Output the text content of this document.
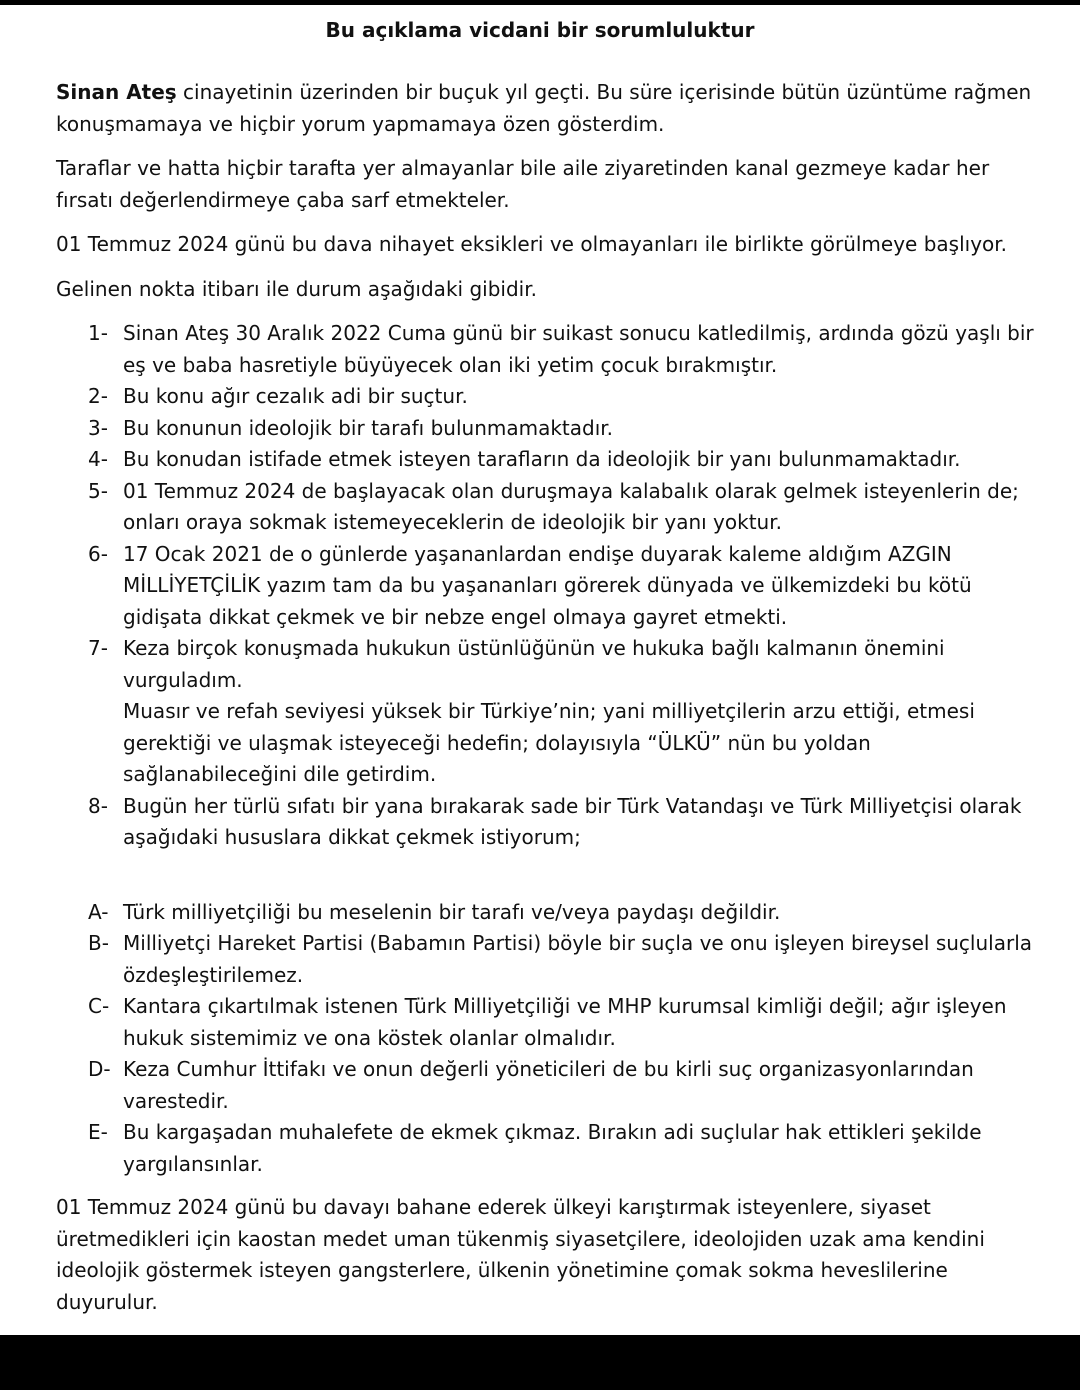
Bu açıklama vicdani bir sorumluluktur

Sinan Ateş cinayetinin üzerinden bir buçuk yıl geçti. Bu süre içerisinde bütün üzüntüme rağmen konuşmamaya ve hiçbir yorum yapmamaya özen gösterdim.

Taraflar ve hatta hiçbir tarafta yer almayanlar bile aile ziyaretinden kanal gezmeye kadar her fırsatı değerlendirmeye çaba sarf etmekteler.

01 Temmuz 2024 günü bu dava nihayet eksikleri ve olmayanları ile birlikte görülmeye başlıyor.

Gelinen nokta itibarı ile durum aşağıdaki gibidir.

1- Sinan Ateş 30 Aralık 2022 Cuma günü bir suikast sonucu katledilmiş, ardında gözü yaşlı bir eş ve baba hasretiyle büyüyecek olan iki yetim çocuk bırakmıştır.
2- Bu konu ağır cezalık adi bir suçtur.
3- Bu konunun ideolojik bir tarafı bulunmamaktadır.
4- Bu konudan istifade etmek isteyen tarafların da ideolojik bir yanı bulunmamaktadır.
5- 01 Temmuz 2024 de başlayacak olan duruşmaya kalabalık olarak gelmek isteyenlerin de; onları oraya sokmak istemeyeceklerin de ideolojik bir yanı yoktur.
6- 17 Ocak 2021 de o günlerde yaşananlardan endişe duyarak kaleme aldığım AZGIN MİLLİYETÇİLİK yazım tam da bu yaşananları görerek dünyada ve ülkemizdeki bu kötü gidişata dikkat çekmek ve bir nebze engel olmaya gayret etmekti.
7- Keza birçok konuşmada hukukun üstünlüğünün ve hukuka bağlı kalmanın önemini vurguladım.
Muasır ve refah seviyesi yüksek bir Türkiye’nin; yani milliyetçilerin arzu ettiği, etmesi gerektiği ve ulaşmak isteyeceği hedefin; dolayısıyla “ÜLKÜ” nün bu yoldan sağlanabileceğini dile getirdim.
8- Bugün her türlü sıfatı bir yana bırakarak sade bir Türk Vatandaşı ve Türk Milliyetçisi olarak aşağıdaki hususlara dikkat çekmek istiyorum;
A- Türk milliyetçiliği bu meselenin bir tarafı ve/veya paydaşı değildir.
B- Milliyetçi Hareket Partisi (Babamın Partisi) böyle bir suçla ve onu işleyen bireysel suçlularla özdeşleştirilemez.
C- Kantara çıkartılmak istenen Türk Milliyetçiliği ve MHP kurumsal kimliği değil; ağır işleyen hukuk sistemimiz ve ona köstek olanlar olmalıdır.
D- Keza Cumhur İttifakı ve onun değerli yöneticileri de bu kirli suç organizasyonlarından varestedir.
E- Bu kargaşadan muhalefete de ekmek çıkmaz. Bırakın adi suçlular hak ettikleri şekilde yargılansınlar.

01 Temmuz 2024 günü bu davayı bahane ederek ülkeyi karıştırmak isteyenlere, siyaset üretmedikleri için kaostan medet uman tükenmiş siyasetçilere, ideolojiden uzak ama kendini ideolojik göstermek isteyen gangsterlere, ülkenin yönetimine çomak sokma heveslilerine duyurulur.
